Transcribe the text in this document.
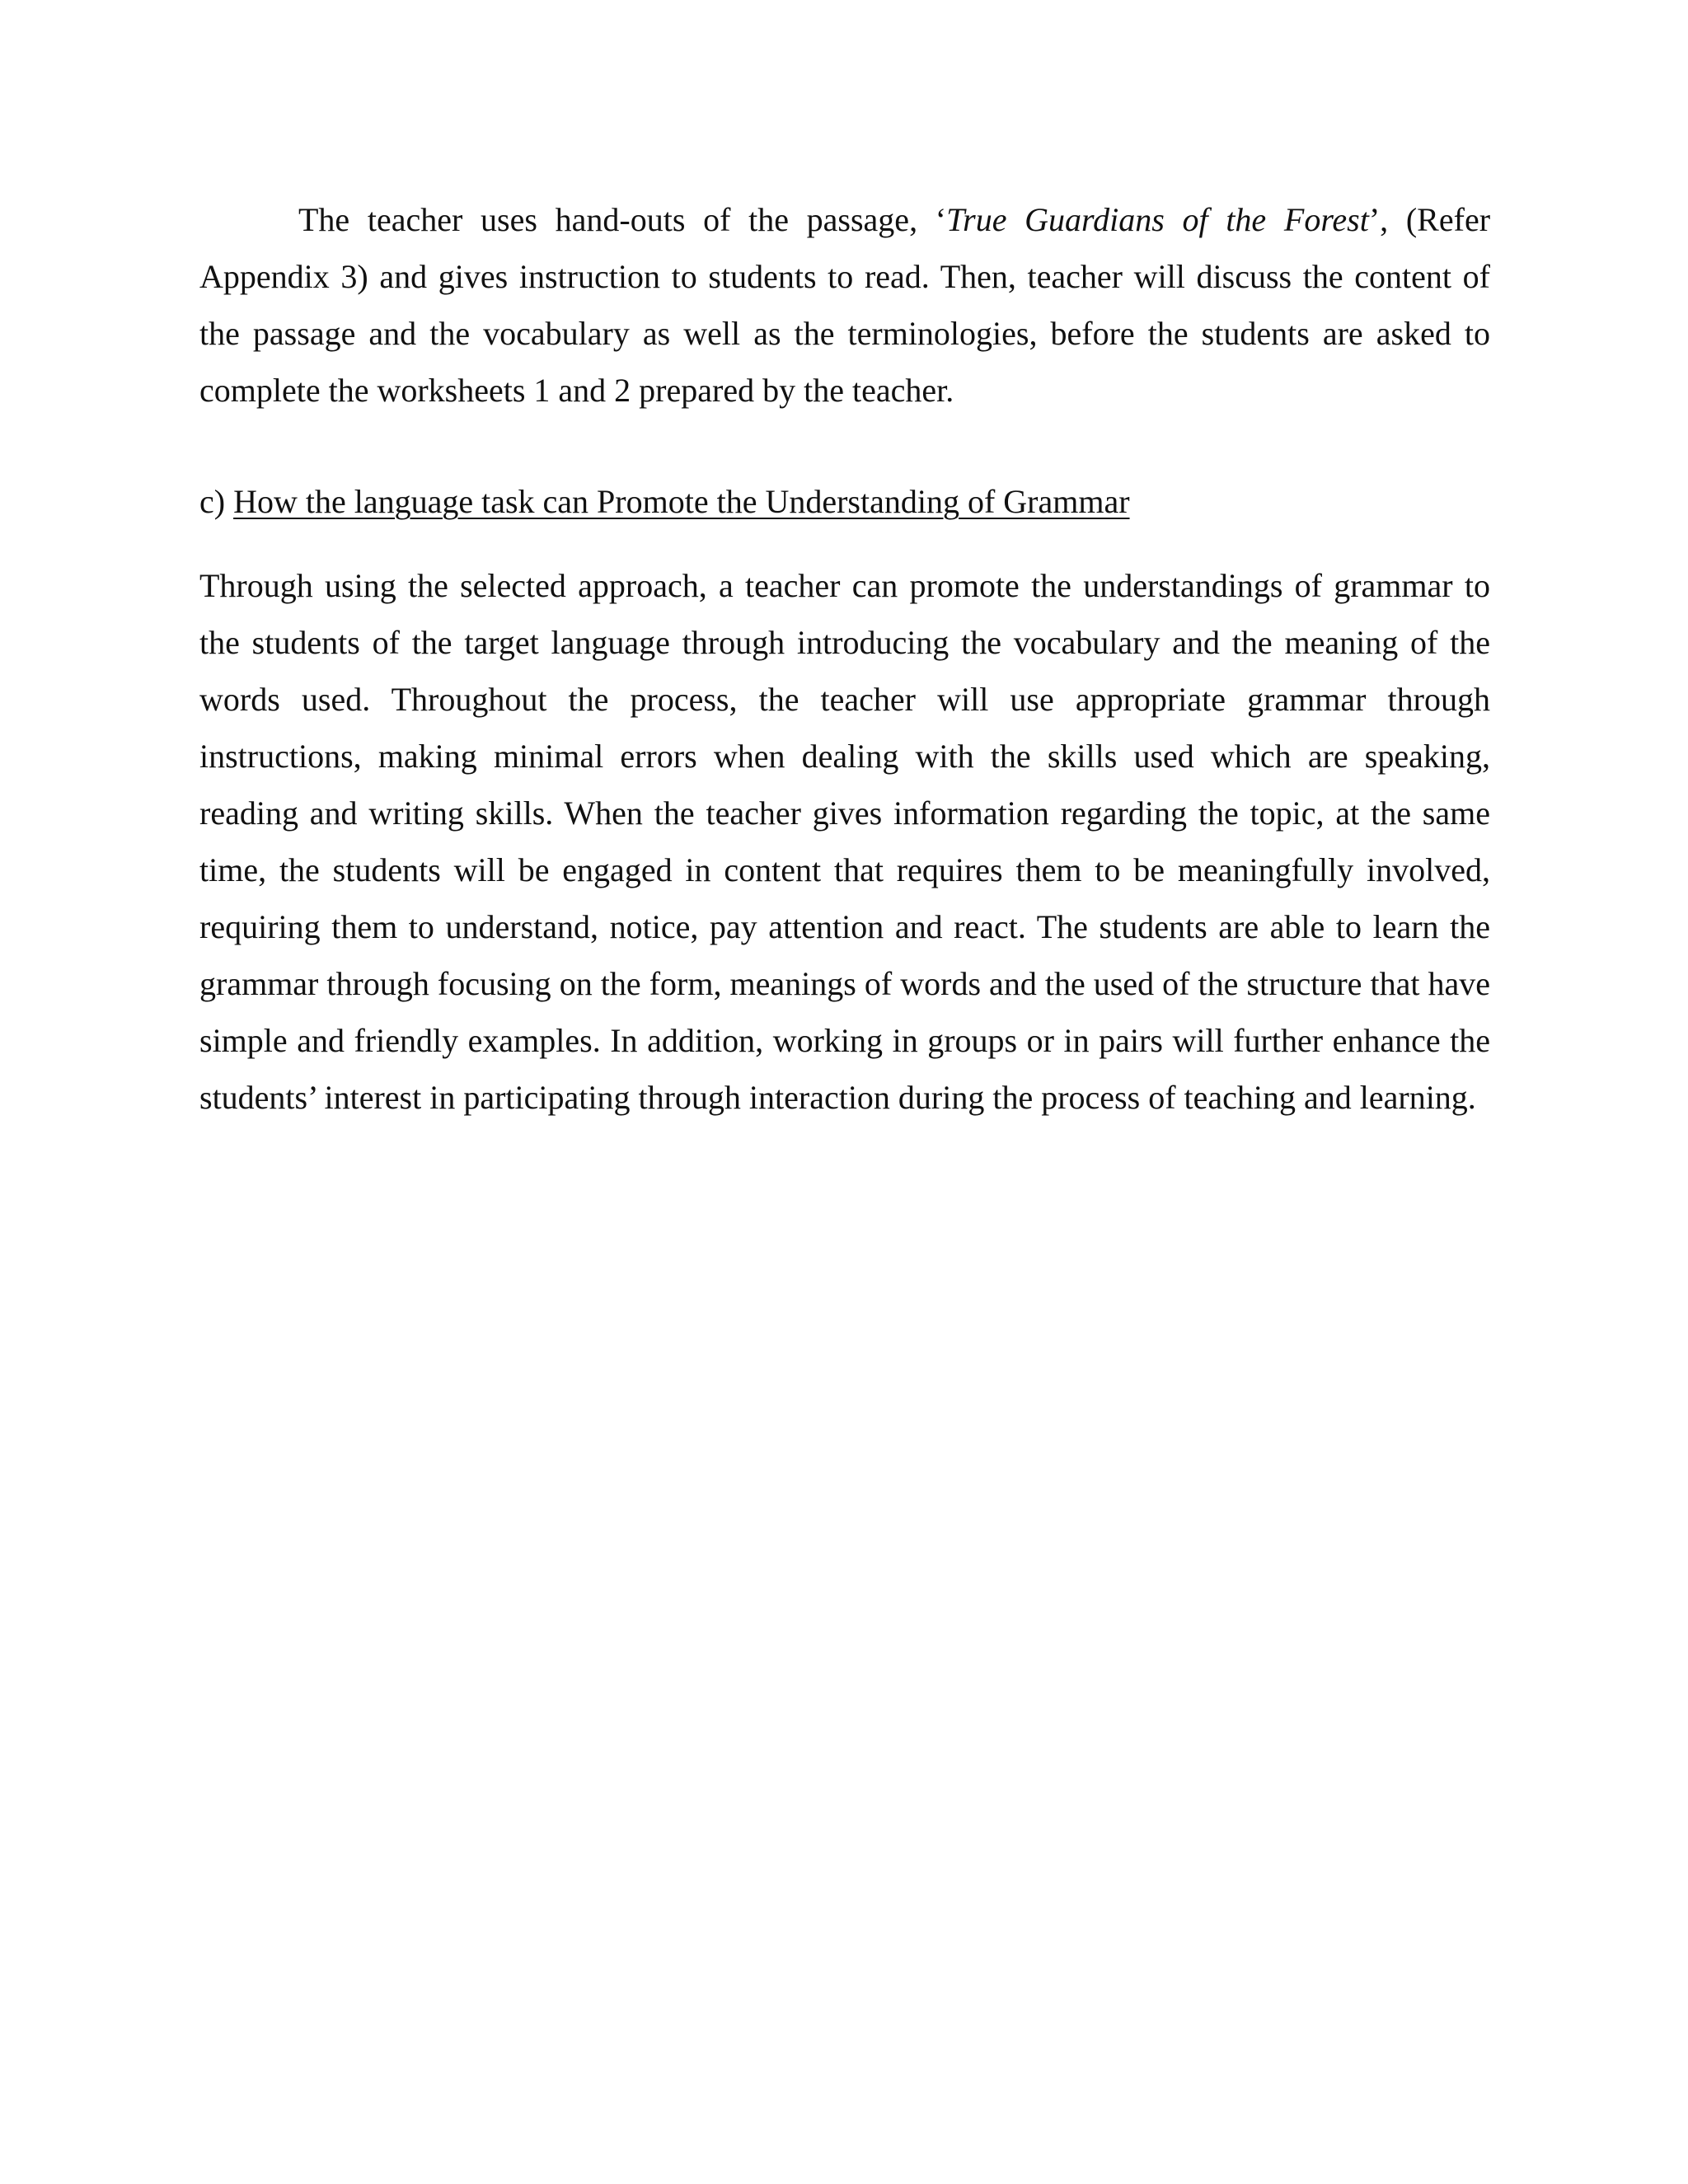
The teacher uses hand-outs of the passage, ‘True Guardians of the Forest’, (Refer Appendix 3) and gives instruction to students to read. Then, teacher will discuss the content of the passage and the vocabulary as well as the terminologies, before the students are asked to complete the worksheets 1 and 2 prepared by the teacher.

c) How the language task can Promote the Understanding of Grammar

Through using the selected approach, a teacher can promote the understandings of grammar to the students of the target language through introducing the vocabulary and the meaning of the words used. Throughout the process, the teacher will use appropriate grammar through instructions, making minimal errors when dealing with the skills used which are speaking, reading and writing skills. When the teacher gives information regarding the topic, at the same time, the students will be engaged in content that requires them to be meaningfully involved, requiring them to understand, notice, pay attention and react. The students are able to learn the grammar through focusing on the form, meanings of words and the used of the structure that have simple and friendly examples. In addition, working in groups or in pairs will further enhance the students’ interest in participating through interaction during the process of teaching and learning.
